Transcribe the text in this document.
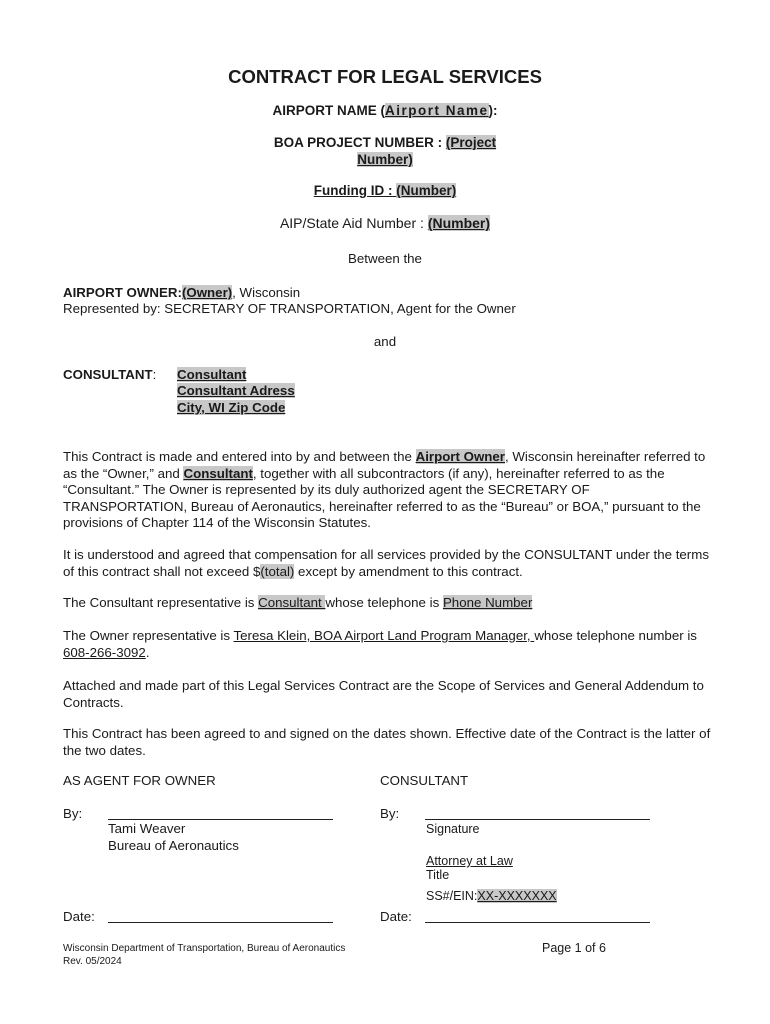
CONTRACT FOR LEGAL SERVICES
AIRPORT NAME (Airport Name):
BOA PROJECT NUMBER : (Project
Number)
Funding ID : (Number)
AIP/State Aid Number : (Number)
Between the
AIRPORT OWNER:(Owner), Wisconsin
Represented by: SECRETARY OF TRANSPORTATION, Agent for the Owner
and
CONSULTANT: Consultant
Consultant Adress
City, WI Zip Code
This Contract is made and entered into by and between the Airport Owner, Wisconsin hereinafter referred to as the “Owner,” and Consultant, together with all subcontractors (if any), hereinafter referred to as the “Consultant.” The Owner is represented by its duly authorized agent the SECRETARY OF TRANSPORTATION, Bureau of Aeronautics, hereinafter referred to as the “Bureau” or BOA,” pursuant to the provisions of Chapter 114 of the Wisconsin Statutes.
It is understood and agreed that compensation for all services provided by the CONSULTANT under the terms of this contract shall not exceed $(total) except by amendment to this contract.
The Consultant representative is Consultant whose telephone is Phone Number
The Owner representative is Teresa Klein, BOA Airport Land Program Manager, whose telephone number is 608-266-3092.
Attached and made part of this Legal Services Contract are the Scope of Services and General Addendum to Contracts.
This Contract has been agreed to and signed on the dates shown. Effective date of the Contract is the latter of the two dates.
AS AGENT FOR OWNER	CONSULTANT
By:	By:
Tami Weaver
Bureau of Aeronautics
Signature
Attorney at Law
Title
SS#/EIN:XX-XXXXXXX
Date:	Date:
Wisconsin Department of Transportation, Bureau of Aeronautics
Rev. 05/2024
Page 1 of 6
